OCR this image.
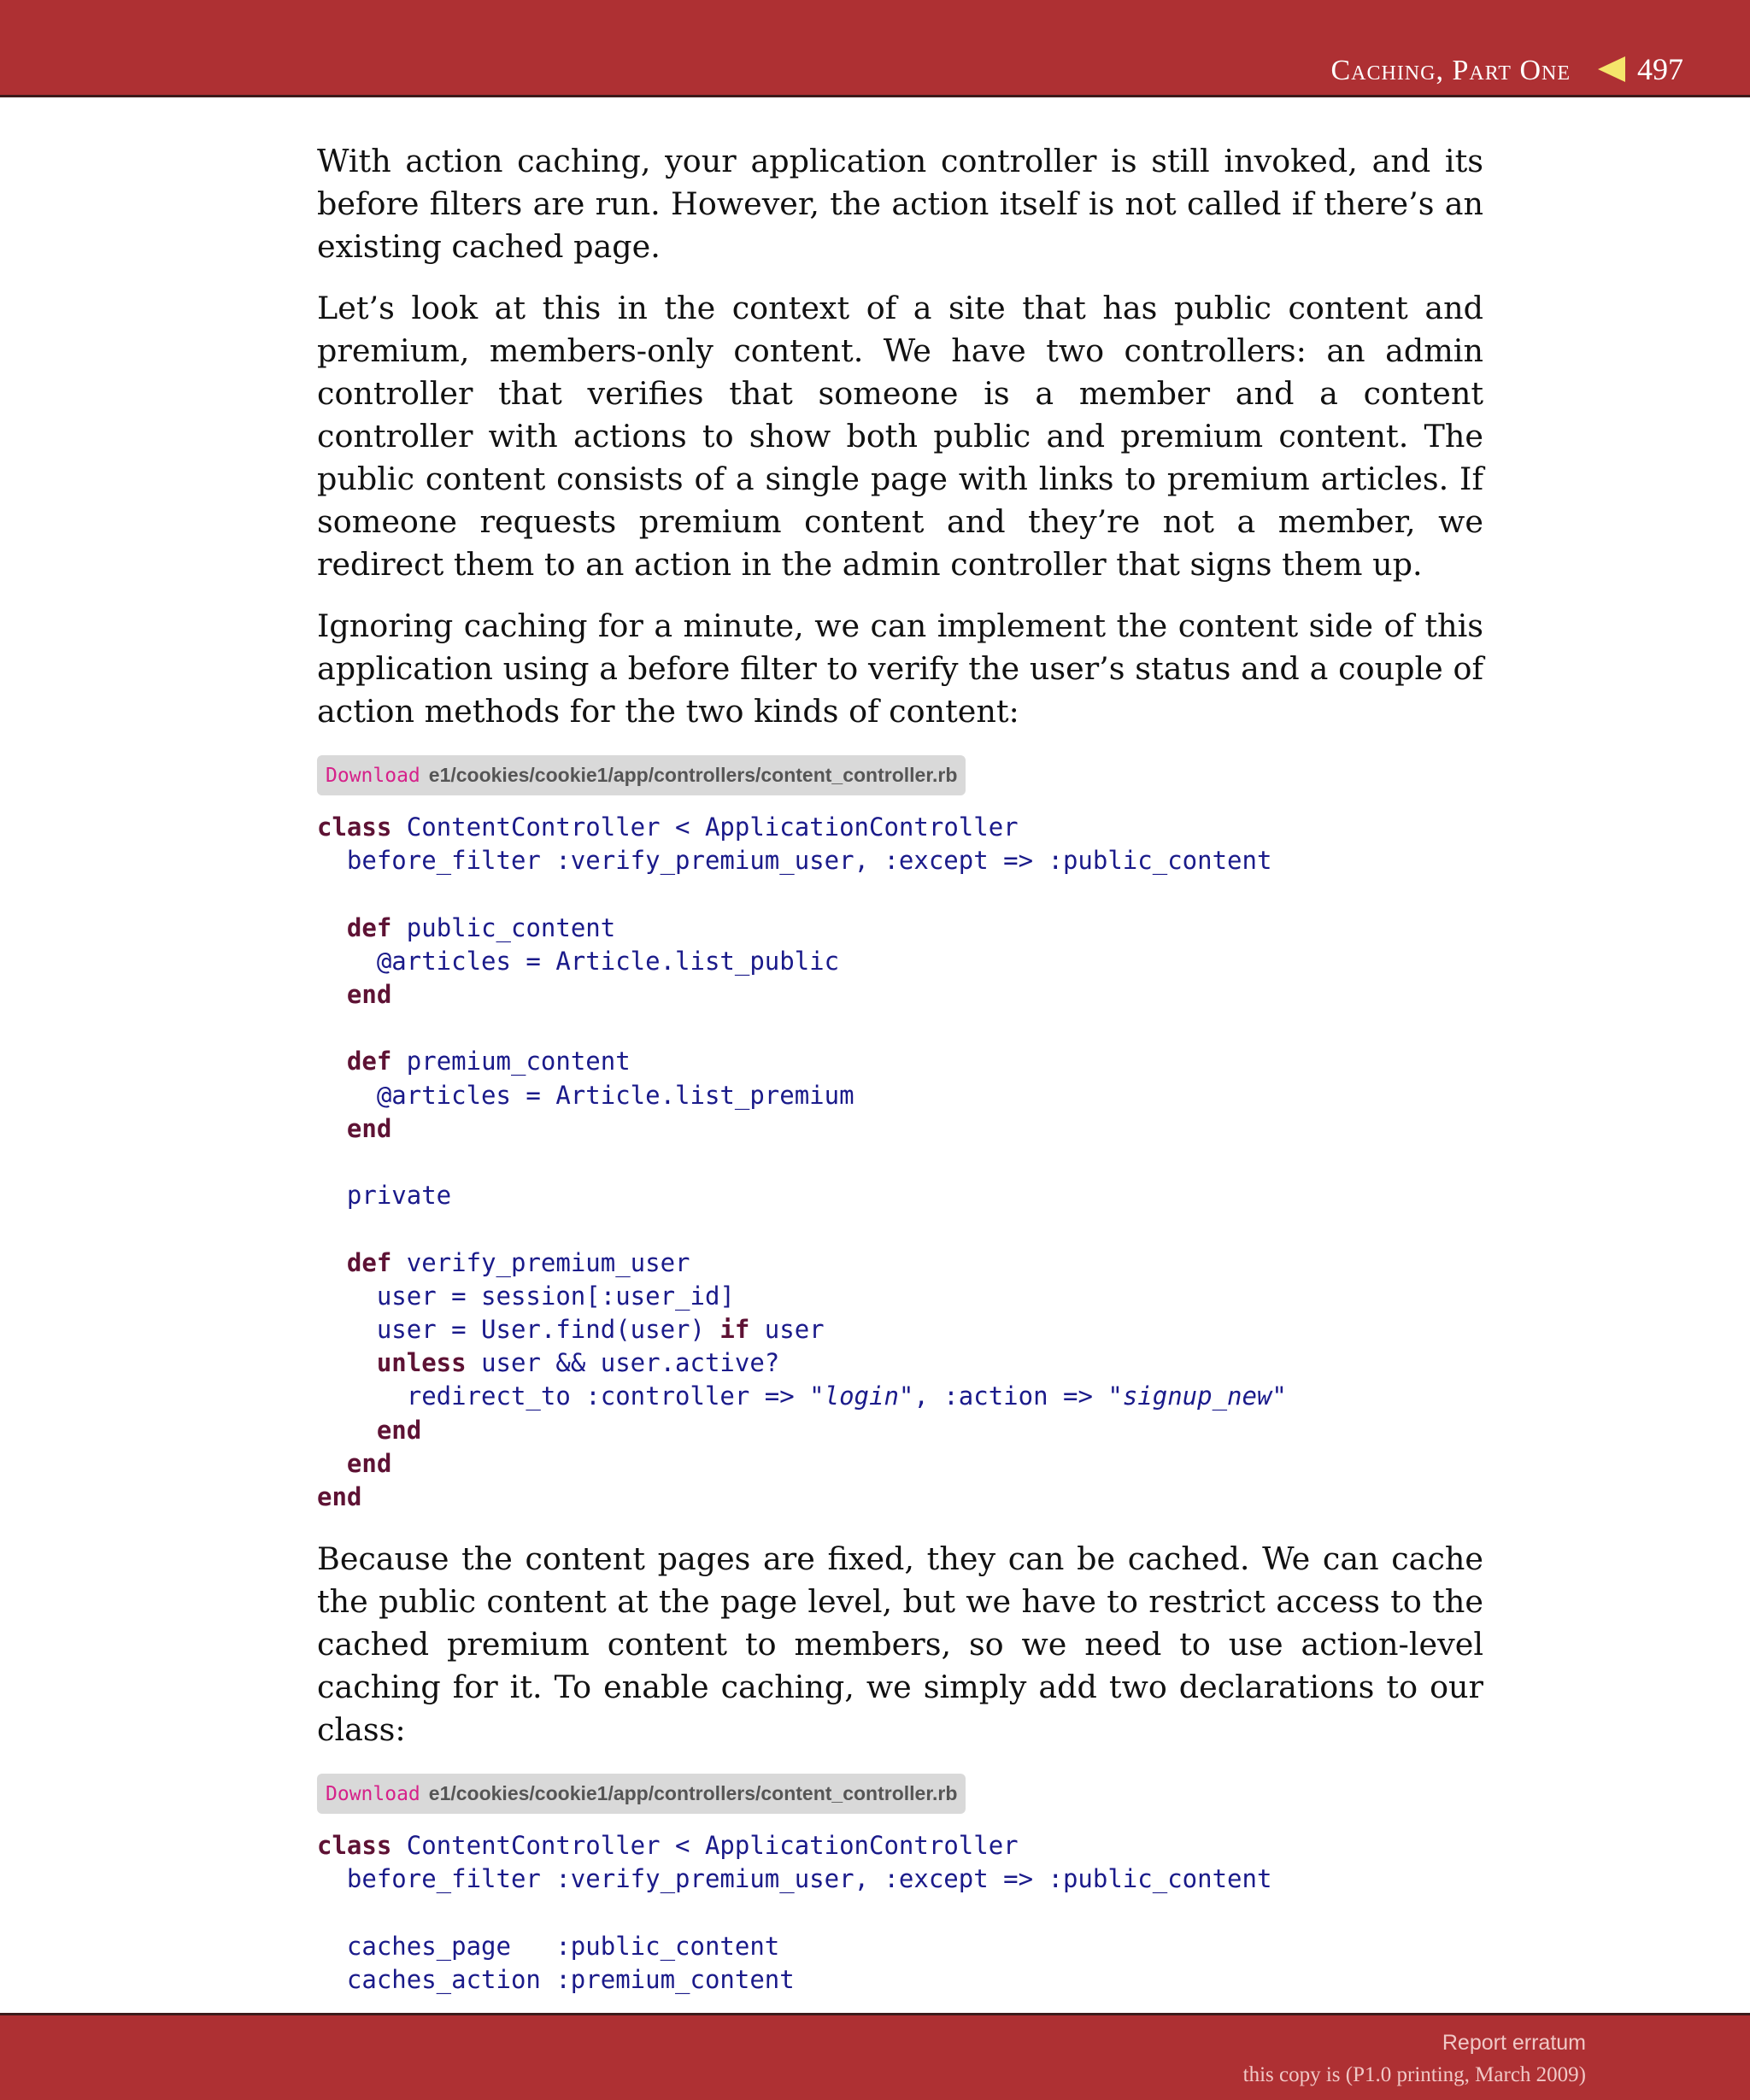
Caching, Part One 497

With action caching, your application controller is still invoked, and its before filters are run. However, the action itself is not called if there’s an existing cached page.

Let’s look at this in the context of a site that has public content and premium, members-only content. We have two controllers: an admin controller that verifies that someone is a member and a content controller with actions to show both public and premium content. The public content consists of a single page with links to premium articles. If someone requests premium content and they’re not a member, we redirect them to an action in the admin controller that signs them up.

Ignoring caching for a minute, we can implement the content side of this application using a before filter to verify the user’s status and a couple of action methods for the two kinds of content:

Download e1/cookies/cookie1/app/controllers/content_controller.rb
class ContentController < ApplicationController
before_filter :verify_premium_user, :except => :public_content

def public_content
@articles = Article.list_public
end

def premium_content
@articles = Article.list_premium
end

private

def verify_premium_user
user = session[:user_id]
user = User.find(user) if user
unless user && user.active?
redirect_to :controller => "login", :action => "signup_new"
end
end
end

Because the content pages are fixed, they can be cached. We can cache the public content at the page level, but we have to restrict access to the cached premium content to members, so we need to use action-level caching for it. To enable caching, we simply add two declarations to our class:

Download e1/cookies/cookie1/app/controllers/content_controller.rb
class ContentController < ApplicationController
before_filter :verify_premium_user, :except => :public_content

caches_page   :public_content
caches_action :premium_content
Report erratum
this copy is (P1.0 printing, March 2009)
